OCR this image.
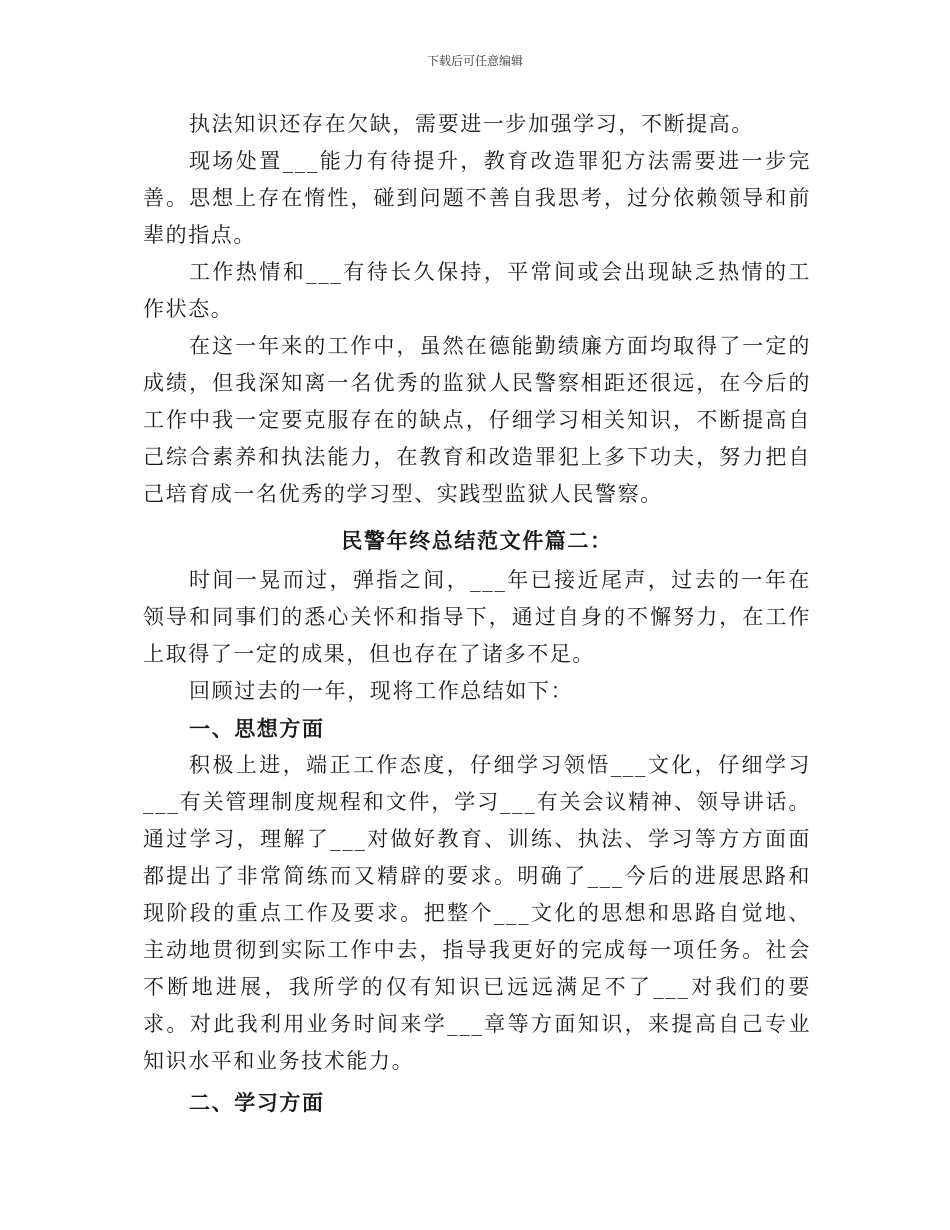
下载后可任意编辑

执法知识还存在欠缺，需要进一步加强学习，不断提高。

现场处置___能力有待提升，教育改造罪犯方法需要进一步完善。思想上存在惰性，碰到问题不善自我思考，过分依赖领导和前辈的指点。

工作热情和___有待长久保持，平常间或会出现缺乏热情的工作状态。

在这一年来的工作中，虽然在德能勤绩廉方面均取得了一定的成绩，但我深知离一名优秀的监狱人民警察相距还很远，在今后的工作中我一定要克服存在的缺点，仔细学习相关知识，不断提高自己综合素养和执法能力，在教育和改造罪犯上多下功夫，努力把自己培育成一名优秀的学习型、实践型监狱人民警察。

民警年终总结范文件篇二：

时间一晃而过，弹指之间，___年已接近尾声，过去的一年在领导和同事们的悉心关怀和指导下，通过自身的不懈努力，在工作上取得了一定的成果，但也存在了诸多不足。

回顾过去的一年，现将工作总结如下：

一、思想方面

积极上进，端正工作态度，仔细学习领悟___文化，仔细学习___有关管理制度规程和文件，学习___有关会议精神、领导讲话。通过学习，理解了___对做好教育、训练、执法、学习等方方面面都提出了非常简练而又精辟的要求。明确了___今后的进展思路和现阶段的重点工作及要求。把整个___文化的思想和思路自觉地、主动地贯彻到实际工作中去，指导我更好的完成每一项任务。社会不断地进展，我所学的仅有知识已远远满足不了___对我们的要求。对此我利用业务时间来学___章等方面知识，来提高自己专业知识水平和业务技术能力。

二、学习方面
